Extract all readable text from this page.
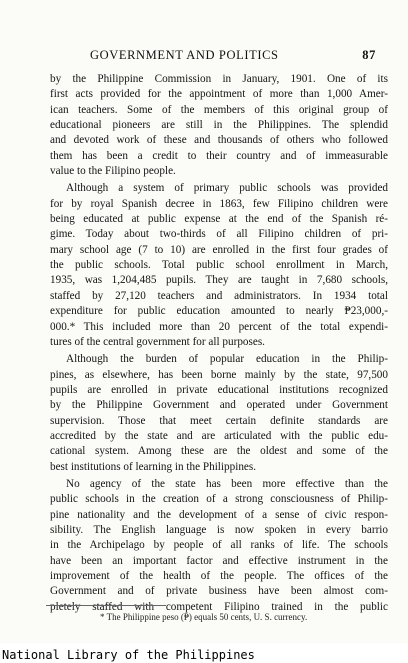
GOVERNMENT AND POLITICS	87

by the Philippine Commission in January, 1901. One of its
first acts provided for the appointment of more than 1,000 Amer-
ican teachers. Some of the members of this original group of
educational pioneers are still in the Philippines. The splendid
and devoted work of these and thousands of others who followed
them has been a credit to their country and of immeasurable
value to the Filipino people.

Although a system of primary public schools was provided
for by royal Spanish decree in 1863, few Filipino children were
being educated at public expense at the end of the Spanish ré-
gime. Today about two-thirds of all Filipino children of pri-
mary school age (7 to 10) are enrolled in the first four grades of
the public schools. Total public school enrollment in March,
1935, was 1,204,485 pupils. They are taught in 7,680 schools,
staffed by 27,120 teachers and administrators. In 1934 total
expenditure for public education amounted to nearly ₱23,000,-
000.* This included more than 20 percent of the total expendi-
tures of the central government for all purposes.

Although the burden of popular education in the Philip-
pines, as elsewhere, has been borne mainly by the state, 97,500
pupils are enrolled in private educational institutions recognized
by the Philippine Government and operated under Government
supervision. Those that meet certain definite standards are
accredited by the state and are articulated with the public edu-
cational system. Among these are the oldest and some of the
best institutions of learning in the Philippines.

No agency of the state has been more effective than the
public schools in the creation of a strong consciousness of Philip-
pine nationality and the development of a sense of civic respon-
sibility. The English language is now spoken in every barrio
in the Archipelago by people of all ranks of life. The schools
have been an important factor and effective instrument in the
improvement of the health of the people. The offices of the
Government and of private business have been almost com-
pletely staffed with competent Filipino trained in the public

* The Philippine peso (₱) equals 50 cents, U. S. currency.
National Library of the Philippines
